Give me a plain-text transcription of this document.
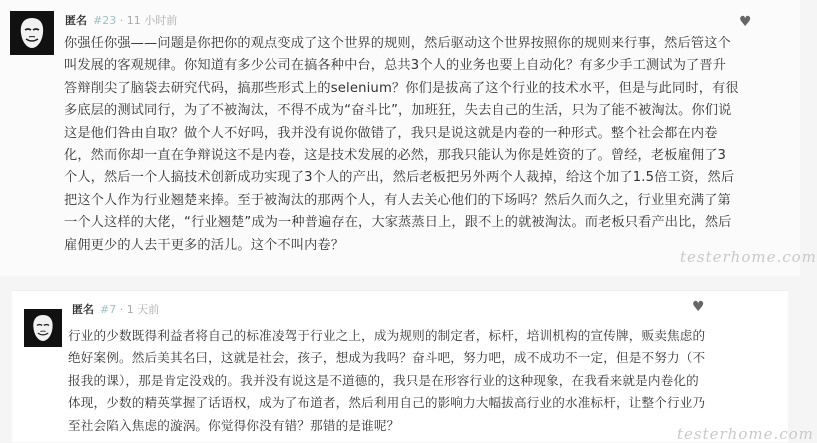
匿名 #23 · 11 小时前	♥
你强任你强——问题是你把你的观点变成了这个世界的规则，然后驱动这个世界按照你的规则来行事，然后管这个
叫发展的客观规律。你知道有多少公司在搞各种中台，总共3个人的业务也要上自动化？有多少手工测试为了晋升
答辩削尖了脑袋去研究代码，搞那些形式上的selenium？你们是拔高了这个行业的技术水平，但是与此同时，有很
多底层的测试同行，为了不被淘汰，不得不成为“奋斗比”，加班狂，失去自己的生活，只为了能不被淘汰。你们说
这是他们咎由自取？做个人不好吗，我并没有说你做错了，我只是说这就是内卷的一种形式。整个社会都在内卷
化，然而你却一直在争辩说这不是内卷，这是技术发展的必然，那我只能认为你是姓资的了。曾经，老板雇佣了3
个人，然后一个人搞技术创新成功实现了3个人的产出，然后老板把另外两个人裁掉，给这个加了1.5倍工资，然后
把这个人作为行业翘楚来捧。至于被淘汰的那两个人，有人去关心他们的下场吗？然后久而久之，行业里充满了第
一个人这样的大佬，“行业翘楚”成为一种普遍存在，大家蒸蒸日上，跟不上的就被淘汰。而老板只看产出比，然后
雇佣更少的人去干更多的活儿。这个不叫内卷？
testerhome.com
匿名 #7 · 1 天前	♥
行业的少数既得利益者将自己的标准凌驾于行业之上，成为规则的制定者，标杆，培训机构的宣传牌，贩卖焦虑的
绝好案例。然后美其名曰，这就是社会，孩子，想成为我吗？奋斗吧，努力吧，成不成功不一定，但是不努力（不
报我的课），那是肯定没戏的。我并没有说这是不道德的，我只是在形容行业的这种现象，在我看来就是内卷化的
体现，少数的精英掌握了话语权，成为了布道者，然后利用自己的影响力大幅拔高行业的水准标杆，让整个行业乃
至社会陷入焦虑的漩涡。你觉得你没有错？那错的是谁呢？	testerhome.com
